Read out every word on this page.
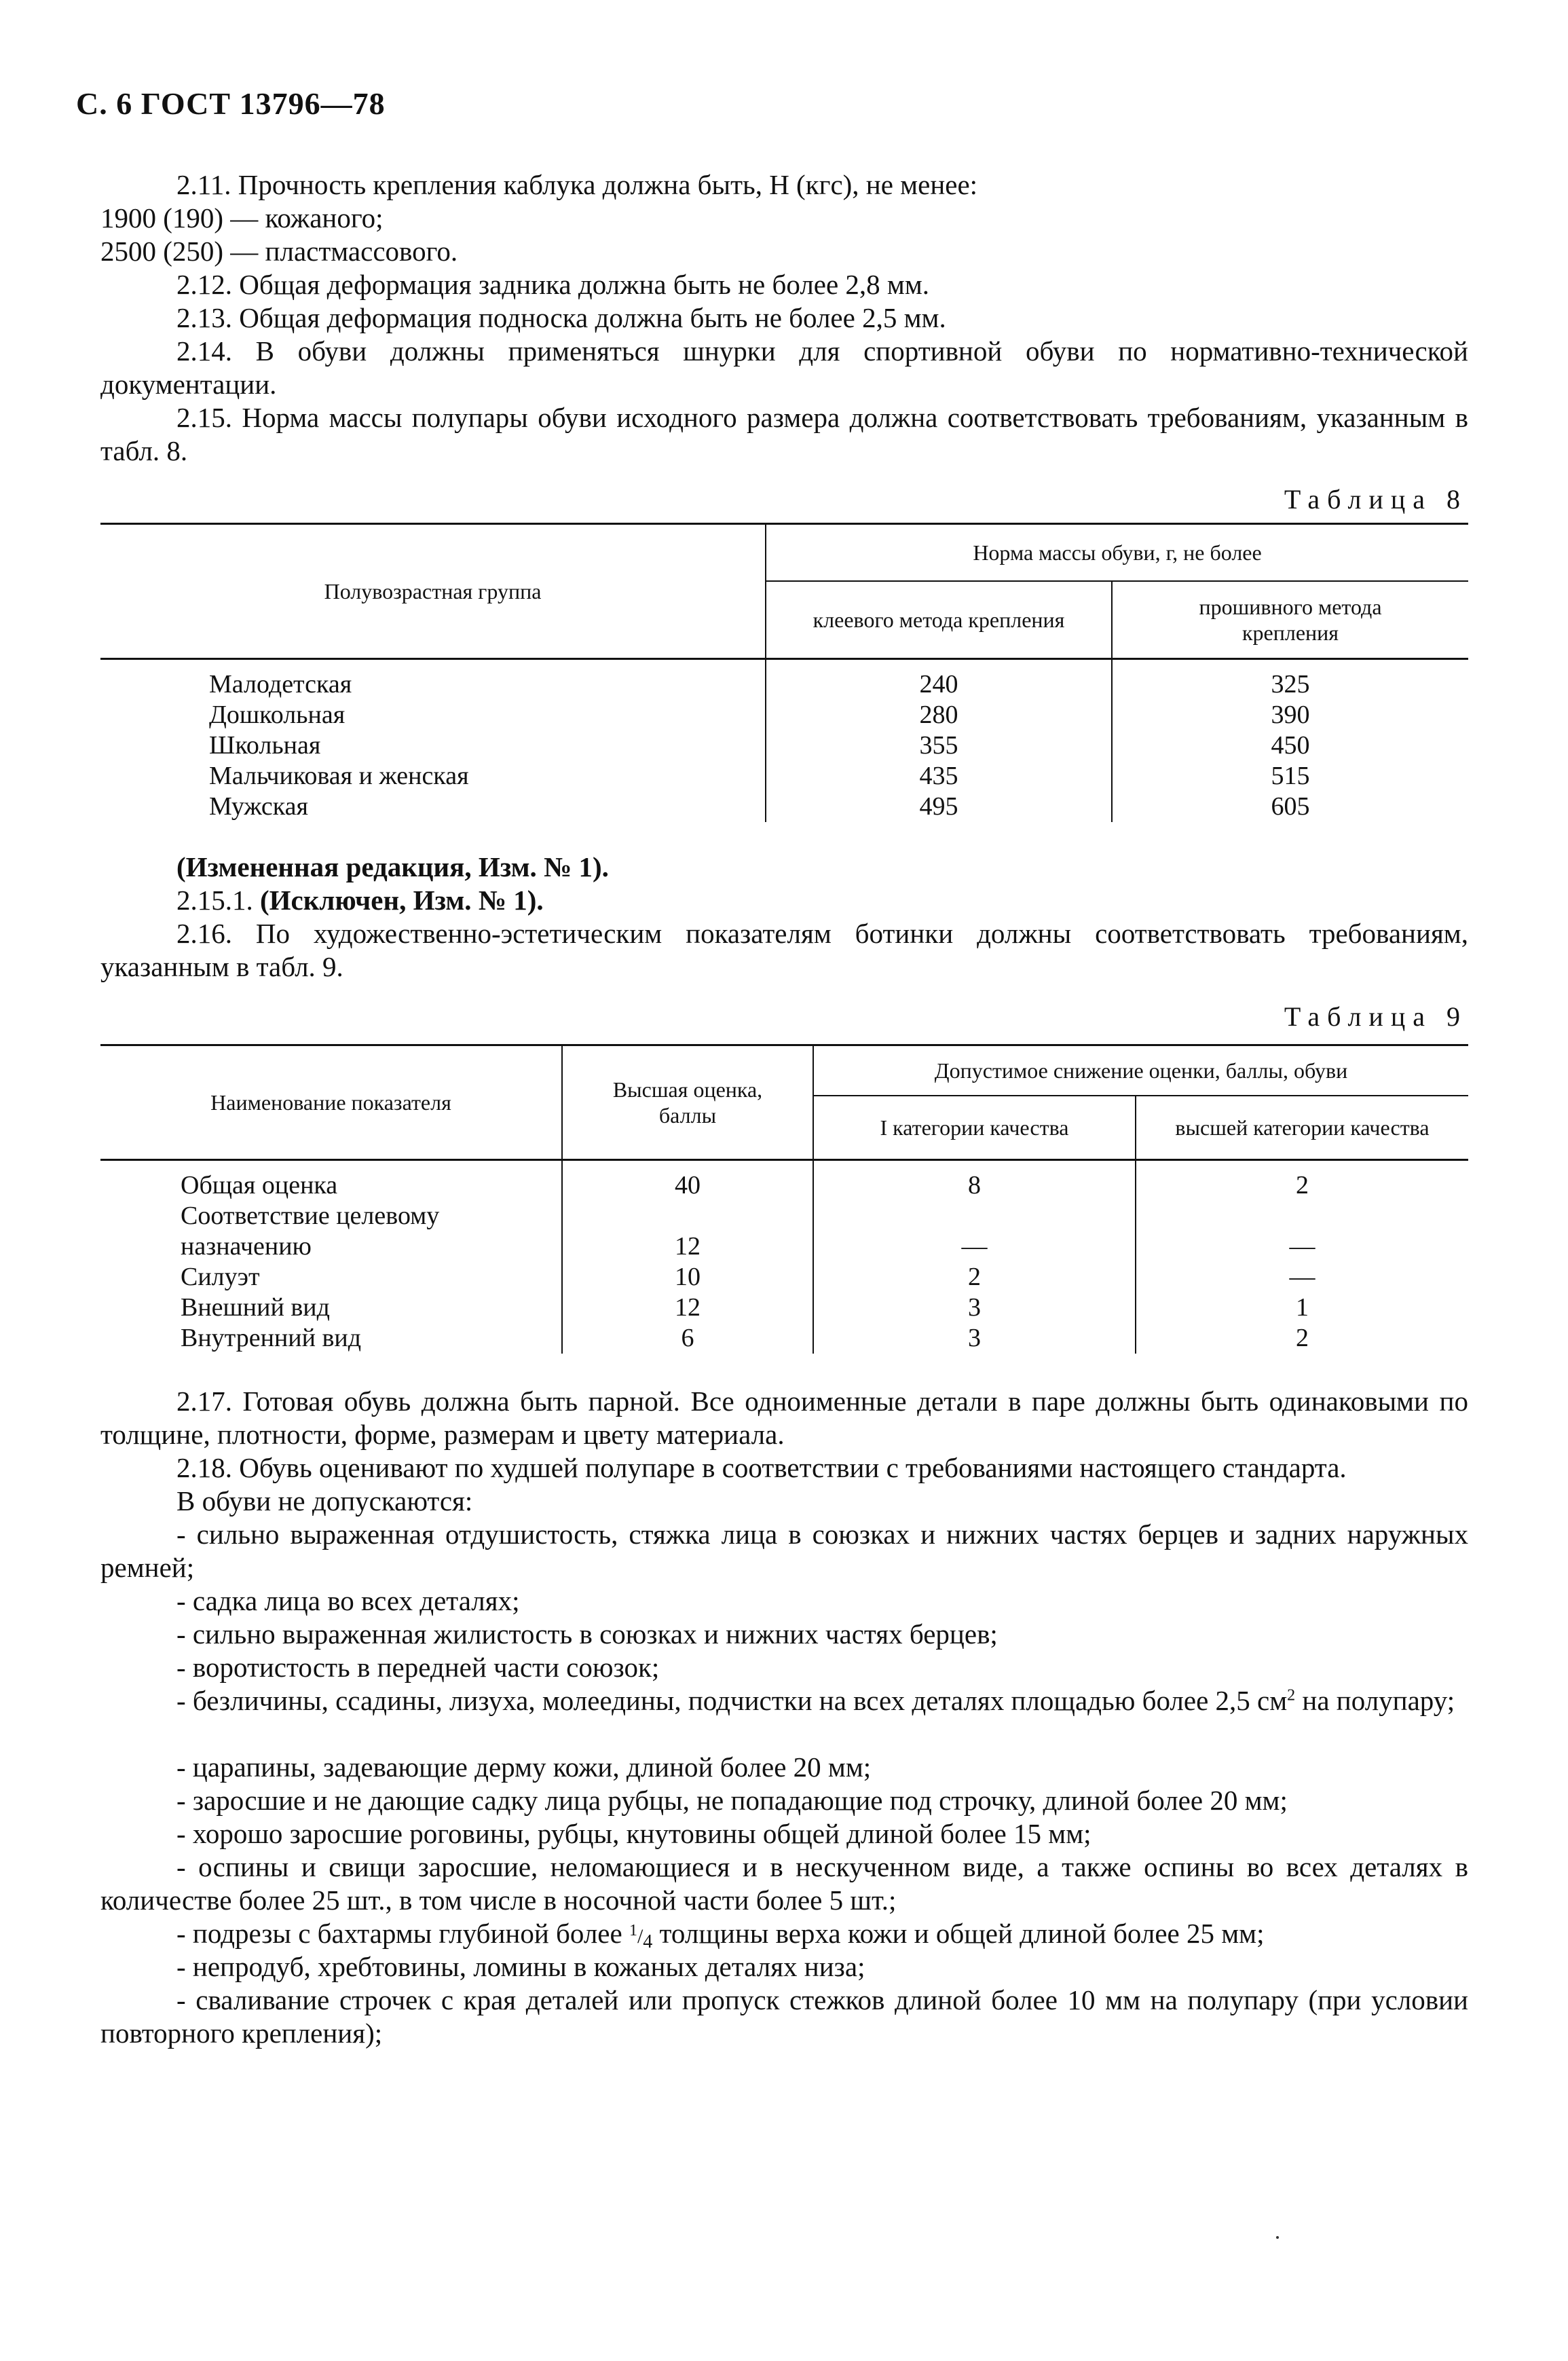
С. 6 ГОСТ 13796—78
2.11. Прочность крепления каблука должна быть, Н (кгс), не менее:
1900 (190) — кожаного;
2500 (250) — пластмассового.
2.12. Общая деформация задника должна быть не более 2,8 мм.
2.13. Общая деформация подноска должна быть не более 2,5 мм.

2.14. В обуви должны применяться шнурки для спортивной обуви по нормативно-технической документации.

2.15. Норма массы полупары обуви исходного размера должна соответствовать требованиям, указанным в табл. 8.

Таблица 8
Полувозрастная группа	Норма массы обуви, г, не более	
	клеевого метода крепления	прошивного метода крепления

Малодетская	240	325
Дошкольная	280	390
Школьная	355	450
Мальчиковая и женская	435	515
Мужская	495	605
(Измененная редакция, Изм. № 1).
2.15.1. (Исключен, Изм. № 1).

2.16. По художественно-эстетическим показателям ботинки должны соответствовать требованиям, указанным в табл. 9.

Таблица 9
Наименование показателя	Высшая оценка, баллы	Допустимое снижение оценки, баллы, обуви	
		I категории качества	высшей категории качества

Общая оценка	40	8	2
Соответствие целевому назначению	12	—	—
Силуэт	10	2	—
Внешний вид	12	3	1
Внутренний вид	6	3	2

2.17. Готовая обувь должна быть парной. Все одноименные детали в паре должны быть одинаковыми по толщине, плотности, форме, размерам и цвету материала.

2.18. Обувь оценивают по худшей полупаре в соответствии с требованиями настоящего стандарта.
В обуви не допускаются:

- сильно выраженная отдушистость, стяжка лица в союзках и нижних частях берцев и задних наружных ремней;

- садка лица во всех деталях;
- сильно выраженная жилистость в союзках и нижних частях берцев;
- воротистость в передней части союзок;

- безличины, ссадины, лизуха, молеедины, подчистки на всех деталях площадью более 2,5 $см^2$ на полупару;

- царапины, задевающие дерму кожи, длиной более 20 мм;
- заросшие и не дающие садку лица рубцы, не попадающие под строчку, длиной более 20 мм;
- хорошо заросшие роговины, рубцы, кнутовины общей длиной более 15 мм;

- оспины и свищи заросшие, неломающиеся и в нескученном виде, а также оспины во всех деталях в количестве более 25 шт., в том числе в носочной части более 5 шт.;

- подрезы с бахтармы глубиной более $^1/_4$ толщины верха кожи и общей длиной более 25 мм;
- непродуб, хребтовины, ломины в кожаных деталях низа;

- сваливание строчек с края деталей или пропуск стежков длиной более 10 мм на полупару (при условии повторного крепления);
